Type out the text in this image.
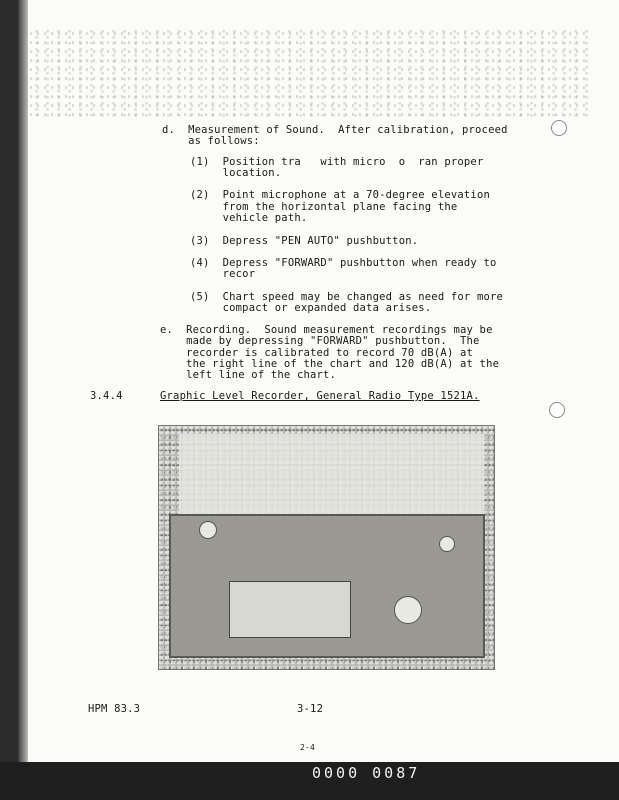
d.  Measurement of Sound.  After calibration, proceed
as follows:
(1)  Position tra   with micro  o  ran proper
location.
(2)  Point microphone at a 70-degree elevation
from the horizontal plane facing the
vehicle path.
(3)  Depress "PEN AUTO" pushbutton.
(4)  Depress "FORWARD" pushbutton when ready to
recor
(5)  Chart speed may be changed as need for more
compact or expanded data arises.
e.  Recording.  Sound measurement recordings may be
made by depressing "FORWARD" pushbutton.  The
recorder is calibrated to record 70 dB(A) at
the right line of the chart and 120 dB(A) at the
left line of the chart.
3.4.4	Graphic Level Recorder, General Radio Type 1521A.
HPM 83.3	3-12
2-4
0000 0087
